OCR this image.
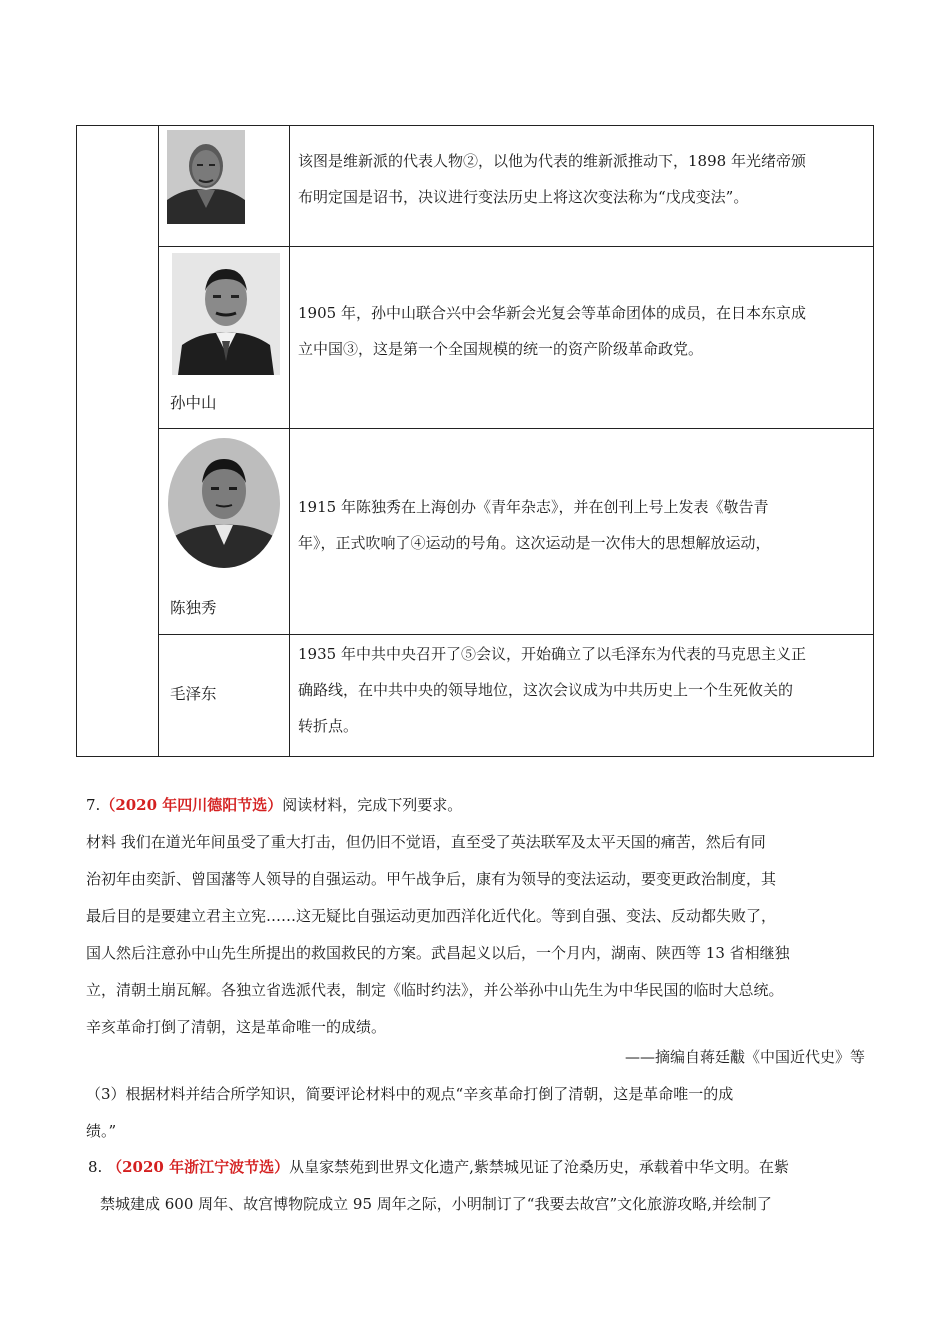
孙中山
陈独秀
毛泽东
该图是维新派的代表人物②，以他为代表的维新派推动下，1898 年光绪帝颁
布明定国是诏书，决议进行变法历史上将这次变法称为“戊戌变法”。
1905 年，孙中山联合兴中会华新会光复会等革命团体的成员，在日本东京成
立中国③，这是第一个全国规模的统一的资产阶级革命政党。
1915 年陈独秀在上海创办《青年杂志》，并在创刊上号上发表《敬告青
年》，正式吹响了④运动的号角。这次运动是一次伟大的思想解放运动，
1935 年中共中央召开了⑤会议，开始确立了以毛泽东为代表的马克思主义正
确路线，在中共中央的领导地位，这次会议成为中共历史上一个生死攸关的
转折点。
7.（2020 年四川德阳节选）阅读材料，完成下列要求。
材料 我们在道光年间虽受了重大打击，但仍旧不觉语，直至受了英法联军及太平天国的痛苦，然后有同
治初年由奕訢、曾国藩等人领导的自强运动。甲午战争后，康有为领导的变法运动，要变更政治制度，其
最后目的是要建立君主立宪……这无疑比自强运动更加西洋化近代化。等到自强、变法、反动都失败了，
国人然后注意孙中山先生所提出的救国救民的方案。武昌起义以后，一个月内，湖南、陕西等 13 省相继独
立，清朝土崩瓦解。各独立省选派代表，制定《临时约法》，并公举孙中山先生为中华民国的临时大总统。
辛亥革命打倒了清朝，这是革命唯一的成绩。
——摘编自蒋廷黻《中国近代史》等
（3）根据材料并结合所学知识，简要评论材料中的观点“辛亥革命打倒了清朝，这是革命唯一的成
绩。”
8. （2020 年浙江宁波节选）从皇家禁苑到世界文化遗产,紫禁城见证了沧桑历史，承载着中华文明。在紫
禁城建成 600 周年、故宫博物院成立 95 周年之际，小明制订了“我要去故宫”文化旅游攻略,并绘制了
